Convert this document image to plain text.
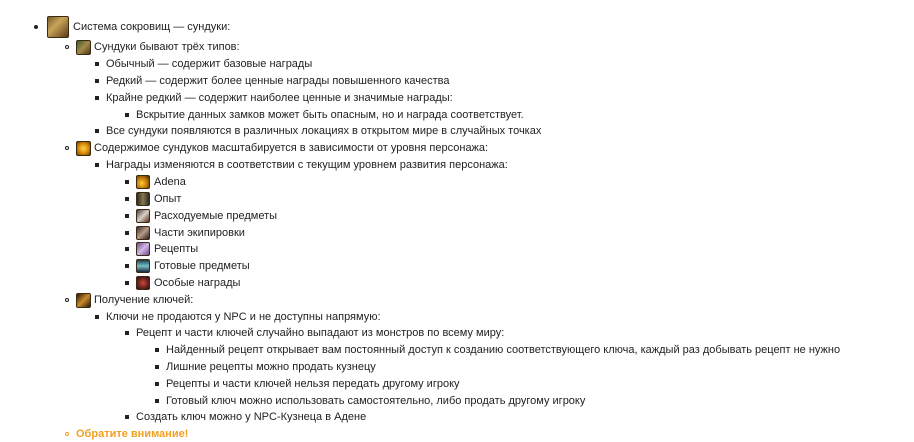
Система сокровищ — сундуки:
Сундуки бывают трёх типов:
Обычный — содержит базовые награды
Редкий — содержит более ценные награды повышенного качества
Крайне редкий — содержит наиболее ценные и значимые награды:
Вскрытие данных замков может быть опасным, но и награда соответствует.
Все сундуки появляются в различных локациях в открытом мире в случайных точках
Содержимое сундуков масштабируется в зависимости от уровня персонажа:
Награды изменяются в соответствии с текущим уровнем развития персонажа:
Adena
Опыт
Расходуемые предметы
Части экипировки
Рецепты
Готовые предметы
Особые награды
Получение ключей:
Ключи не продаются у NPC и не доступны напрямую:
Рецепт и части ключей случайно выпадают из монстров по всему миру:
Найденный рецепт открывает вам постоянный доступ к созданию соответствующего ключа, каждый раз добывать рецепт не нужно
Лишние рецепты можно продать кузнецу
Рецепты и части ключей нельзя передать другому игроку
Готовый ключ можно использовать самостоятельно, либо продать другому игроку
Создать ключ можно у NPC-Кузнеца в Адене
Обратите внимание!
